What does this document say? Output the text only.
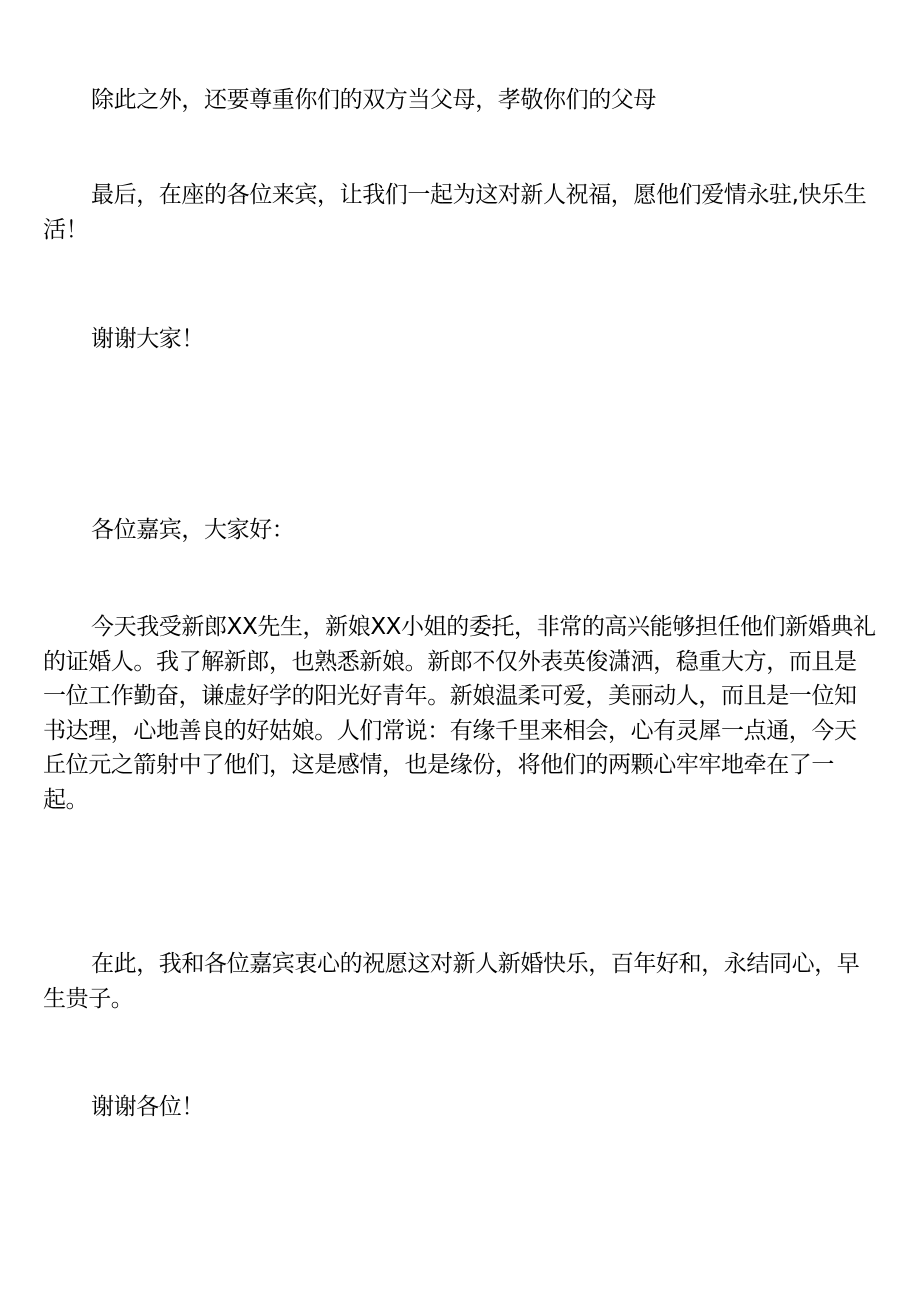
除此之外，还要尊重你们的双方当父母，孝敬你们的父母

最后，在座的各位来宾，让我们一起为这对新人祝福，愿他们爱情永驻,快乐生活！

谢谢大家！

各位嘉宾，大家好：

今天我受新郎XX先生，新娘XX小姐的委托，非常的高兴能够担任他们新婚典礼的证婚人。我了解新郎，也熟悉新娘。新郎不仅外表英俊潇洒，稳重大方，而且是一位工作勤奋，谦虚好学的阳光好青年。新娘温柔可爱，美丽动人，而且是一位知书达理，心地善良的好姑娘。人们常说：有缘千里来相会，心有灵犀一点通，今天丘位元之箭射中了他们，这是感情，也是缘份，将他们的两颗心牢牢地牵在了一起。

在此，我和各位嘉宾衷心的祝愿这对新人新婚快乐，百年好和，永结同心，早生贵子。

谢谢各位！
